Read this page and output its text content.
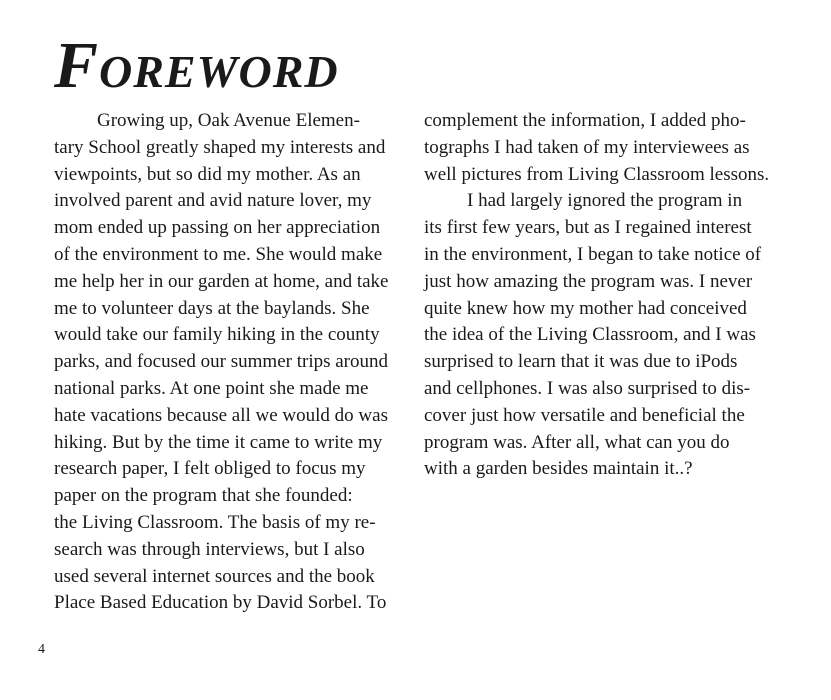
Foreword
Growing up, Oak Avenue Elemen-
tary School greatly shaped my interests and
viewpoints, but so did my mother. As an
involved parent and avid nature lover, my
mom ended up passing on her appreciation
of the environment to me. She would make
me help her in our garden at home, and take
me to volunteer days at the baylands. She
would take our family hiking in the county
parks, and focused our summer trips around
national parks. At one point she made me
hate vacations because all we would do was
hiking. But by the time it came to write my
research paper, I felt obliged to focus my
paper on the program that she founded:
the Living Classroom. The basis of my re-
search was through interviews, but I also
used several internet sources and the book
Place Based Education by David Sorbel. To
complement the information, I added pho-
tographs I had taken of my interviewees as
well pictures from Living Classroom lessons.
I had largely ignored the program in
its first few years, but as I regained interest
in the environment, I began to take notice of
just how amazing the program was. I never
quite knew how my mother had conceived
the idea of the Living Classroom, and I was
surprised to learn that it was due to iPods
and cellphones. I was also surprised to dis-
cover just how versatile and beneficial the
program was. After all, what can you do
with a garden besides maintain it..?
4
